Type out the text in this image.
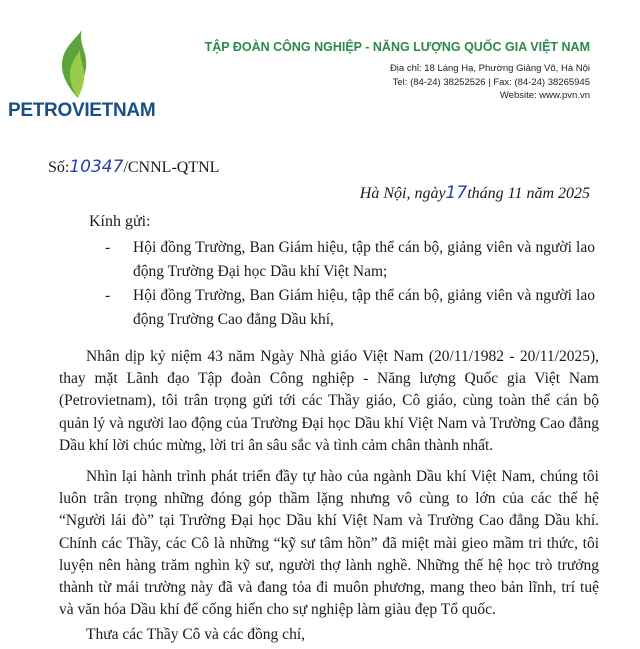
PETROVIETNAM
TẬP ĐOÀN CÔNG NGHIỆP - NĂNG LƯỢNG QUỐC GIA VIỆT NAM
Địa chỉ: 18 Láng Hạ, Phường Giảng Võ, Hà Nội
Tel: (84-24) 38252526 | Fax: (84-24) 38265945
Website: www.pvn.vn
Số:10347/CNNL-QTNL
Hà Nội, ngày17tháng 11 năm 2025
Kính gửi:
-	Hội đồng Trường, Ban Giám hiệu, tập thể cán bộ, giảng viên và người lao động Trường Đại học Dầu khí Việt Nam;
-	Hội đồng Trường, Ban Giám hiệu, tập thể cán bộ, giảng viên và người lao động Trường Cao đẳng Dầu khí,
Nhân dịp kỷ niệm 43 năm Ngày Nhà giáo Việt Nam (20/11/1982 - 20/11/2025), thay mặt Lãnh đạo Tập đoàn Công nghiệp - Năng lượng Quốc gia Việt Nam (Petrovietnam), tôi trân trọng gửi tới các Thầy giáo, Cô giáo, cùng toàn thể cán bộ quản lý và người lao động của Trường Đại học Dầu khí Việt Nam và Trường Cao đẳng Dầu khí lời chúc mừng, lời tri ân sâu sắc và tình cảm chân thành nhất.
Nhìn lại hành trình phát triển đầy tự hào của ngành Dầu khí Việt Nam, chúng tôi luôn trân trọng những đóng góp thầm lặng nhưng vô cùng to lớn của các thế hệ “Người lái đò” tại Trường Đại học Dầu khí Việt Nam và Trường Cao đẳng Dầu khí. Chính các Thầy, các Cô là những “kỹ sư tâm hồn” đã miệt mài gieo mầm tri thức, tôi luyện nên hàng trăm nghìn kỹ sư, người thợ lành nghề. Những thế hệ học trò trưởng thành từ mái trường này đã và đang tỏa đi muôn phương, mang theo bản lĩnh, trí tuệ và văn hóa Dầu khí để cống hiến cho sự nghiệp làm giàu đẹp Tổ quốc.
Thưa các Thầy Cô và các đồng chí,
